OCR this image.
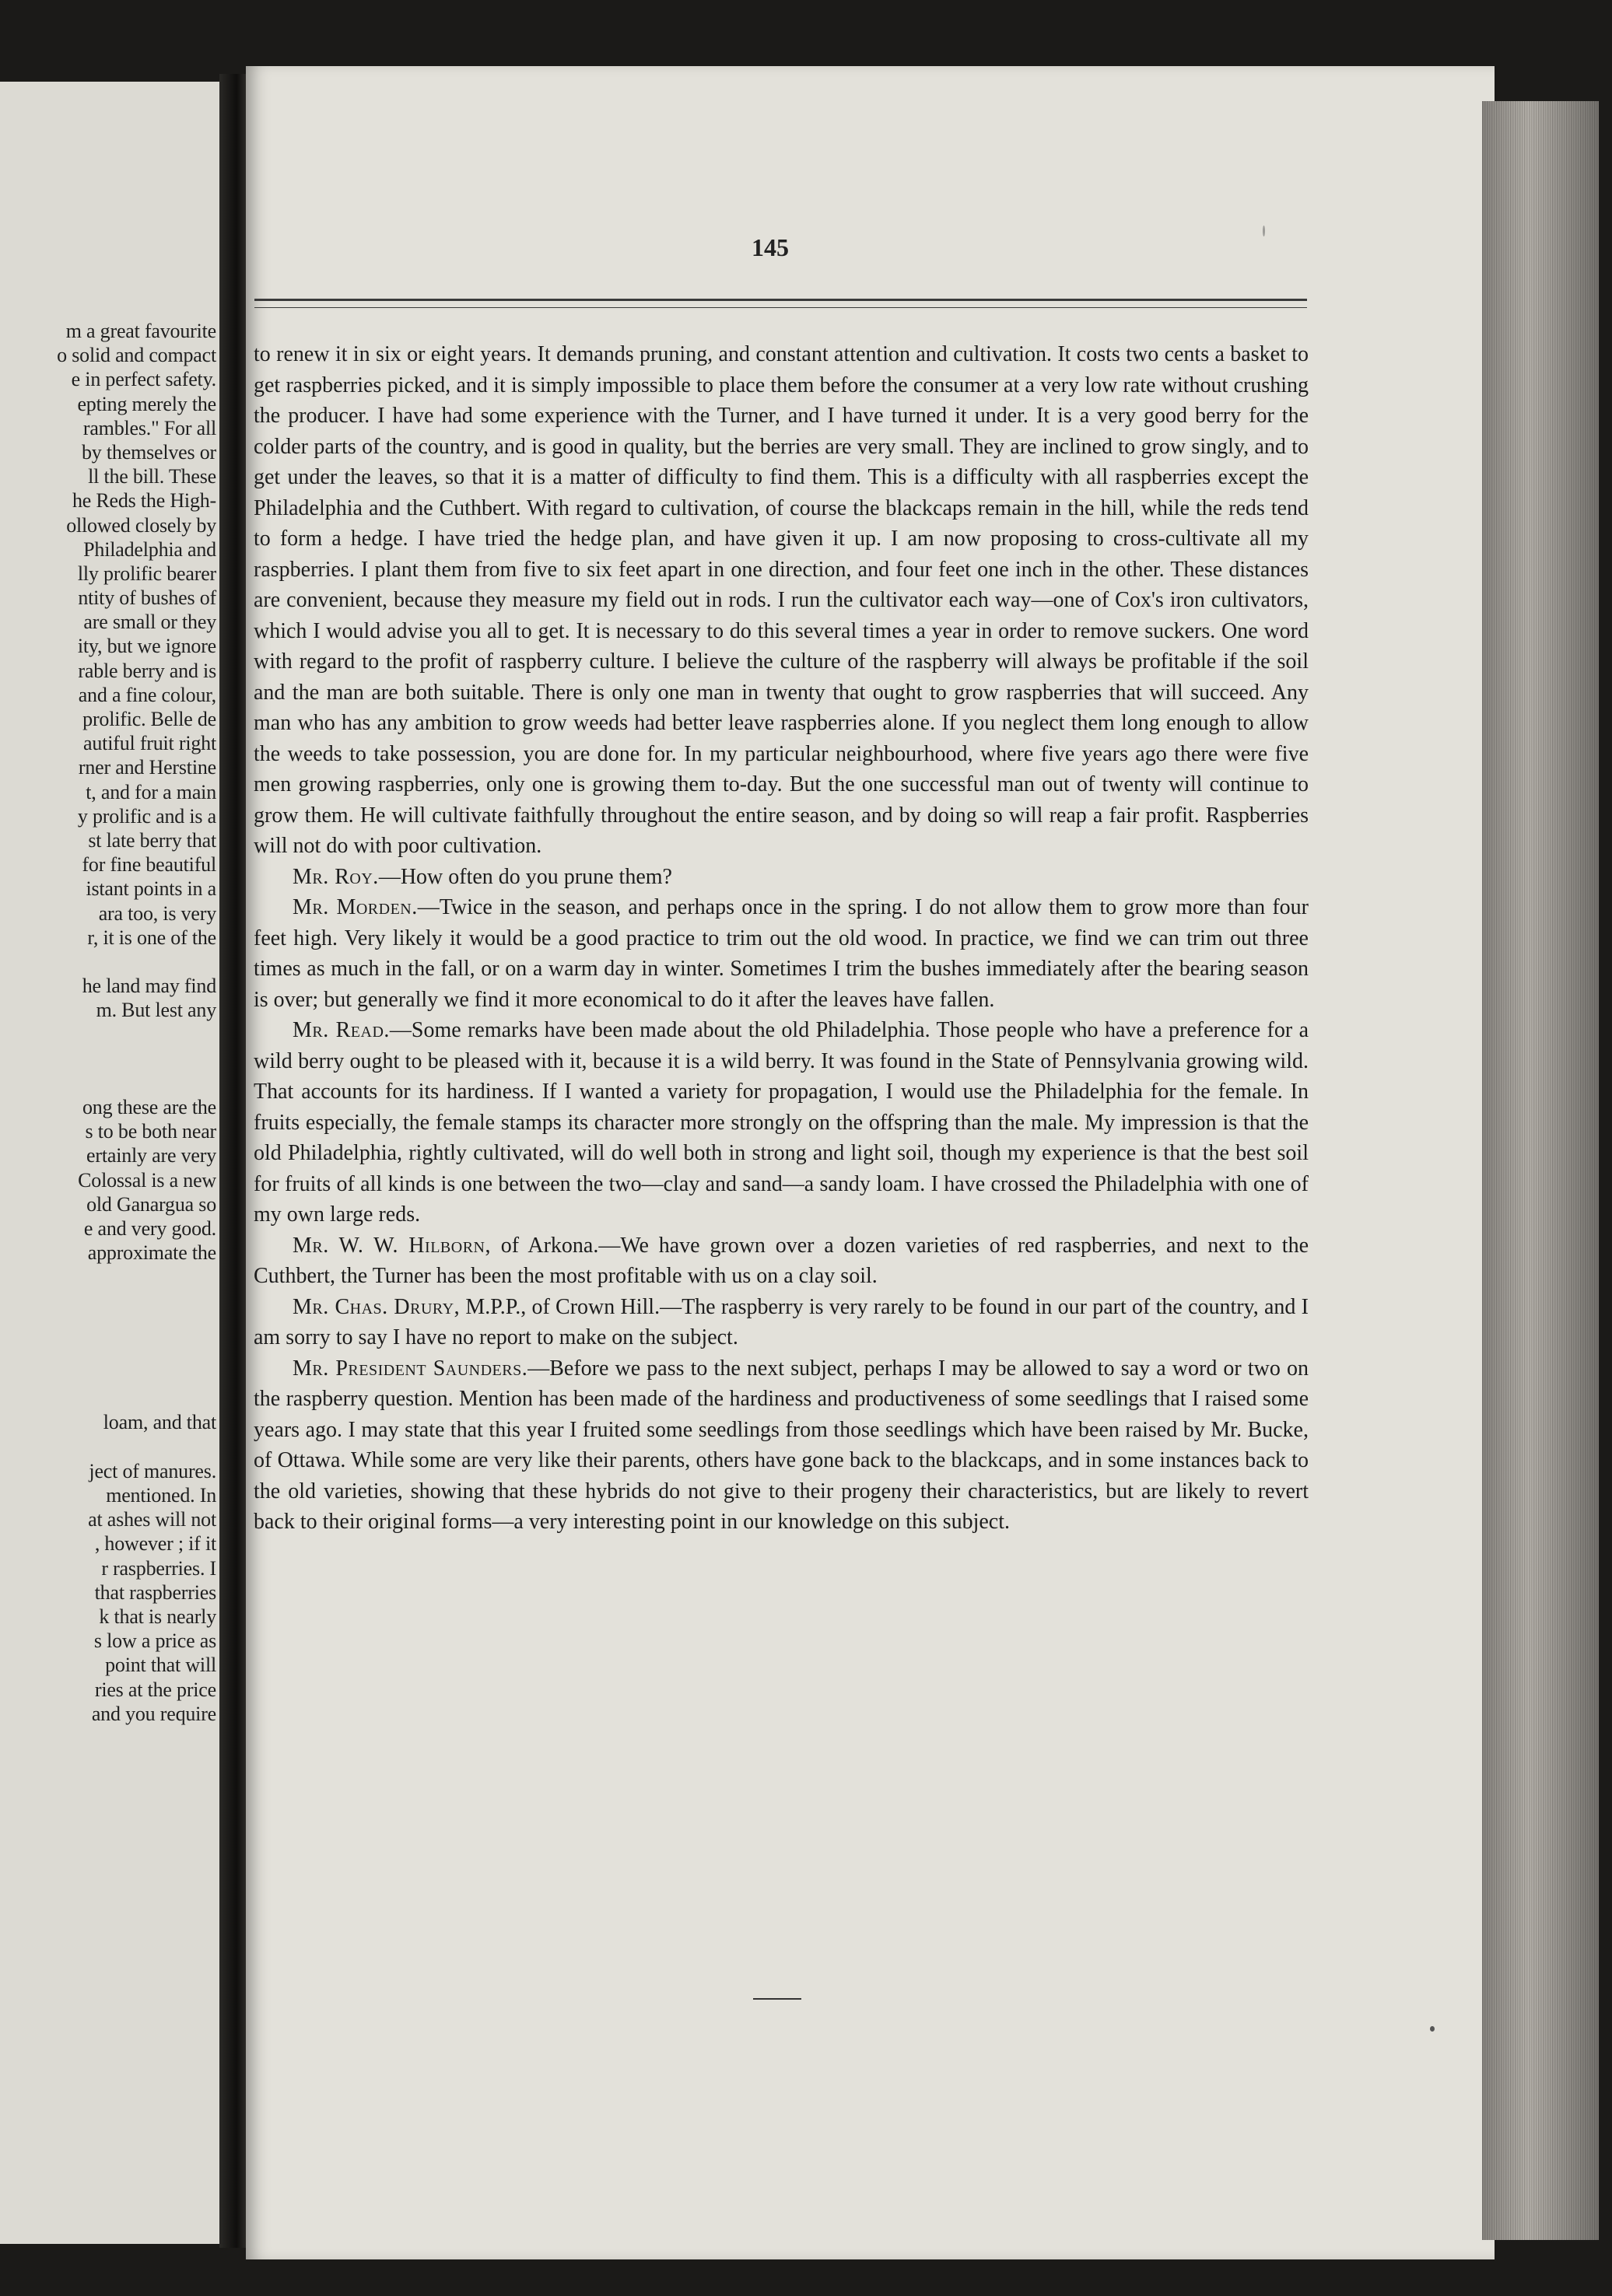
m a great favourite
o solid and compact
e in perfect safety.
epting merely the
rambles." For all
by themselves or
ll the bill. These
he Reds the High-
ollowed closely by
Philadelphia and
lly prolific bearer
ntity of bushes of
are small or they
ity, but we ignore
rable berry and is
and a fine colour,
prolific. Belle de
autiful fruit right
rner and Herstine
t, and for a main
y prolific and is a
st late berry that
for fine beautiful
istant points in a
ara too, is very
r, it is one of the
he land may find
m. But lest any
ong these are the
s to be both near
ertainly are very
Colossal is a new
old Ganargua so
e and very good.
approximate the
loam, and that
ject of manures.
mentioned. In
at ashes will not
, however ; if it
r raspberries. I
that raspberries
k that is nearly
s low a price as
point that will
ries at the price
and you require
145

to renew it in six or eight years. It demands pruning, and constant attention and cultivation. It costs two cents a basket to get raspberries picked, and it is simply impossible to place them before the consumer at a very low rate without crushing the producer. I have had some experience with the Turner, and I have turned it under. It is a very good berry for the colder parts of the country, and is good in quality, but the berries are very small. They are inclined to grow singly, and to get under the leaves, so that it is a matter of difficulty to find them. This is a difficulty with all raspberries except the Philadelphia and the Cuthbert. With regard to cultivation, of course the blackcaps remain in the hill, while the reds tend to form a hedge. I have tried the hedge plan, and have given it up. I am now proposing to cross-cultivate all my raspberries. I plant them from five to six feet apart in one direction, and four feet one inch in the other. These distances are convenient, because they measure my field out in rods. I run the cultivator each way—one of Cox's iron cultivators, which I would advise you all to get. It is necessary to do this several times a year in order to remove suckers. One word with regard to the profit of raspberry culture. I believe the culture of the raspberry will always be profitable if the soil and the man are both suitable. There is only one man in twenty that ought to grow raspberries that will succeed. Any man who has any ambition to grow weeds had better leave raspberries alone. If you neglect them long enough to allow the weeds to take possession, you are done for. In my particular neighbourhood, where five years ago there were five men growing raspberries, only one is growing them to-day. But the one successful man out of twenty will continue to grow them. He will cultivate faithfully throughout the entire season, and by doing so will reap a fair profit. Raspberries will not do with poor cultivation.

Mr. Roy.—How often do you prune them?

Mr. Morden.—Twice in the season, and perhaps once in the spring. I do not allow them to grow more than four feet high. Very likely it would be a good practice to trim out the old wood. In practice, we find we can trim out three times as much in the fall, or on a warm day in winter. Sometimes I trim the bushes immediately after the bearing season is over; but generally we find it more economical to do it after the leaves have fallen.

Mr. Read.—Some remarks have been made about the old Philadelphia. Those people who have a preference for a wild berry ought to be pleased with it, because it is a wild berry. It was found in the State of Pennsylvania growing wild. That accounts for its hardiness. If I wanted a variety for propagation, I would use the Philadelphia for the female. In fruits especially, the female stamps its character more strongly on the offspring than the male. My impression is that the old Philadelphia, rightly cultivated, will do well both in strong and light soil, though my experience is that the best soil for fruits of all kinds is one between the two—clay and sand—a sandy loam. I have crossed the Philadelphia with one of my own large reds.

Mr. W. W. Hilborn, of Arkona.—We have grown over a dozen varieties of red raspberries, and next to the Cuthbert, the Turner has been the most profitable with us on a clay soil.

Mr. Chas. Drury, M.P.P., of Crown Hill.—The raspberry is very rarely to be found in our part of the country, and I am sorry to say I have no report to make on the subject.

Mr. President Saunders.—Before we pass to the next subject, perhaps I may be allowed to say a word or two on the raspberry question. Mention has been made of the hardiness and productiveness of some seedlings that I raised some years ago. I may state that this year I fruited some seedlings from those seedlings which have been raised by Mr. Bucke, of Ottawa. While some are very like their parents, others have gone back to the blackcaps, and in some instances back to the old varieties, showing that these hybrids do not give to their progeny their characteristics, but are likely to revert back to their original forms—a very interesting point in our knowledge on this subject.
